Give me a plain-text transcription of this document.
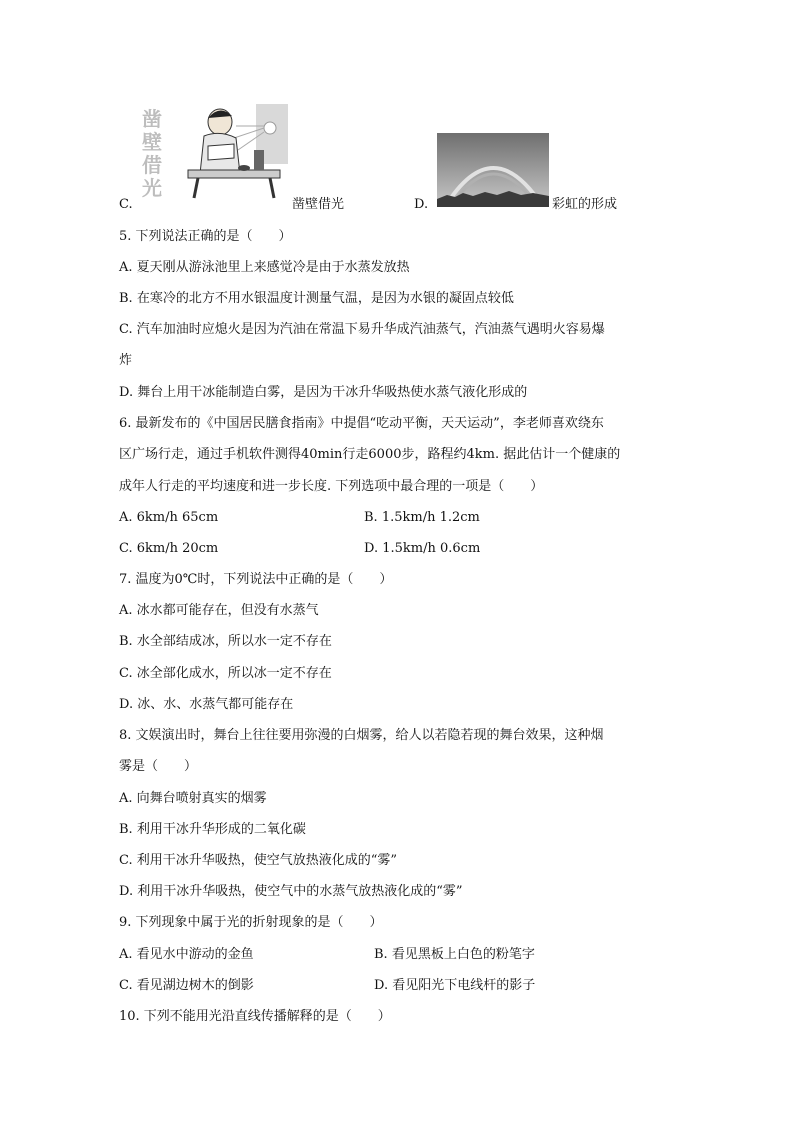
凿
壁
借
光
C.	凿壁借光	D.	彩虹的形成
5. 下列说法正确的是（　　）
A. 夏天刚从游泳池里上来感觉冷是由于水蒸发放热
B. 在寒冷的北方不用水银温度计测量气温，是因为水银的凝固点较低
C. 汽车加油时应熄火是因为汽油在常温下易升华成汽油蒸气，汽油蒸气遇明火容易爆
炸
D. 舞台上用干冰能制造白雾，是因为干冰升华吸热使水蒸气液化形成的
6. 最新发布的《中国居民膳食指南》中提倡“吃动平衡，天天运动”，李老师喜欢绕东
区广场行走，通过手机软件测得40min行走6000步，路程约4km. 据此估计一个健康的
成年人行走的平均速度和进一步长度. 下列选项中最合理的一项是（　　）
A. 6km/h 65cm	B. 1.5km/h 1.2cm
C. 6km/h 20cm	D. 1.5km/h 0.6cm
7. 温度为0℃时，下列说法中正确的是（　　）
A. 冰水都可能存在，但没有水蒸气
B. 水全部结成冰，所以水一定不存在
C. 冰全部化成水，所以冰一定不存在
D. 冰、水、水蒸气都可能存在
8. 文娱演出时，舞台上往往要用弥漫的白烟雾，给人以若隐若现的舞台效果，这种烟
雾是（　　）
A. 向舞台喷射真实的烟雾
B. 利用干冰升华形成的二氧化碳
C. 利用干冰升华吸热，使空气放热液化成的“雾”
D. 利用干冰升华吸热，使空气中的水蒸气放热液化成的“雾”
9. 下列现象中属于光的折射现象的是（　　）
A. 看见水中游动的金鱼	B. 看见黑板上白色的粉笔字
C. 看见湖边树木的倒影	D. 看见阳光下电线杆的影子
10. 下列不能用光沿直线传播解释的是（　　）
